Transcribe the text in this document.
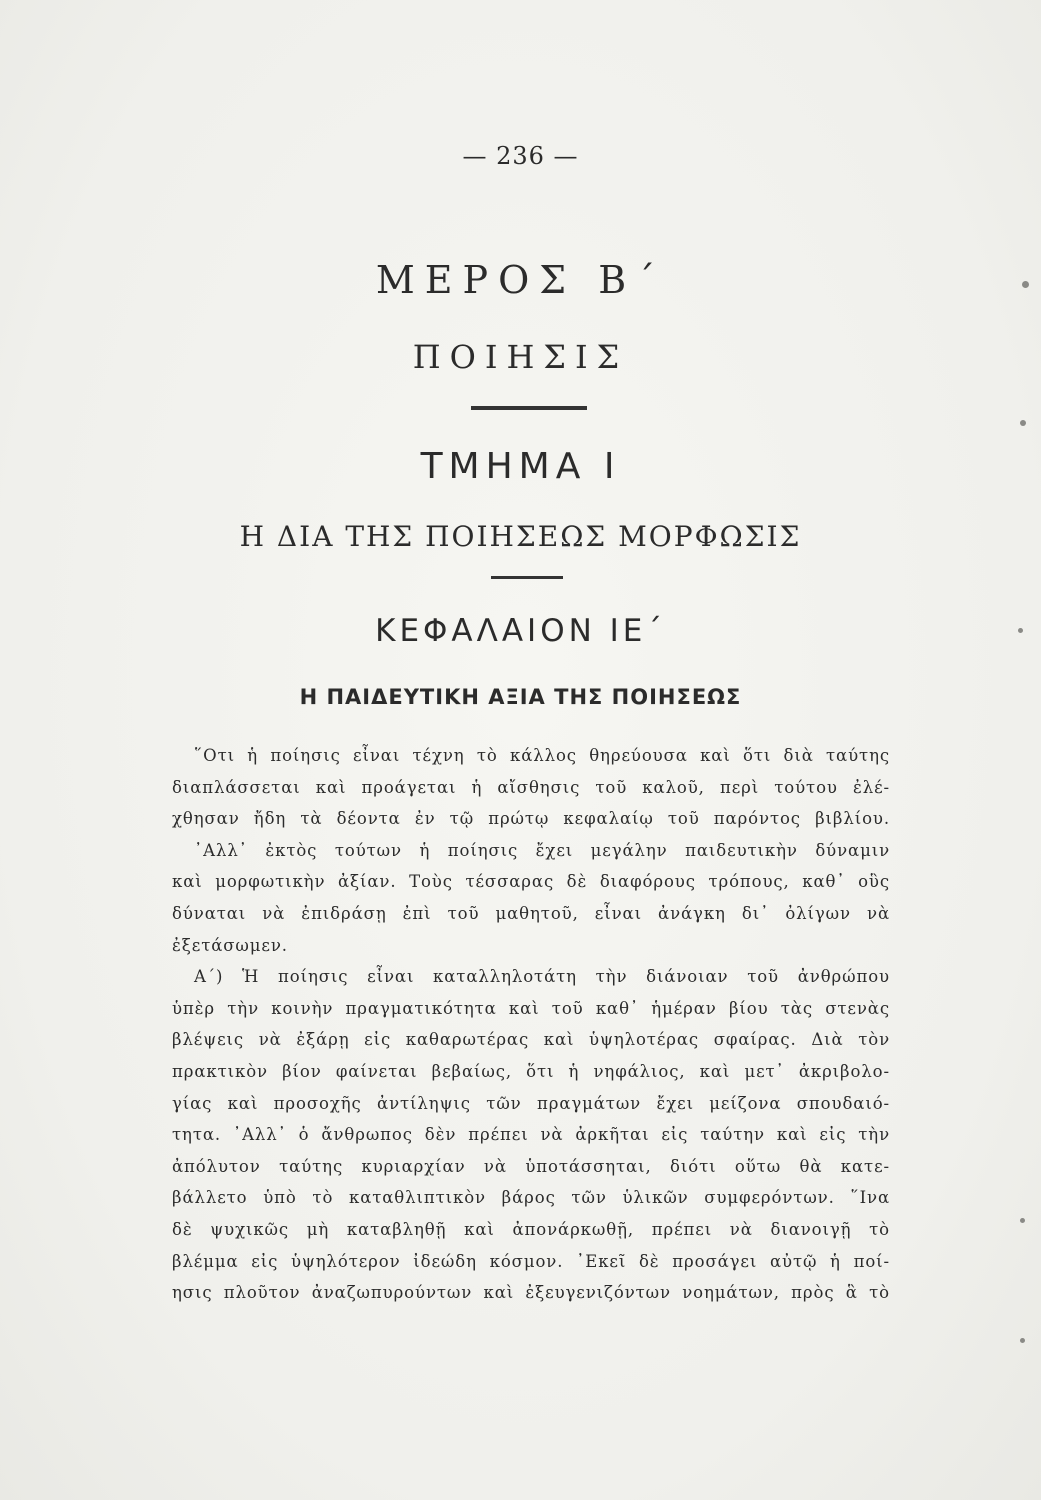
— 236 —
ΜΕΡΟΣ Β΄
ΠΟΙΗΣΙΣ
ΤΜΗΜΑ Ι
Η ΔΙΑ ΤΗΣ ΠΟΙΗΣΕΩΣ ΜΟΡΦΩΣΙΣ
ΚΕΦΑΛΑΙΟΝ ΙΕ΄
Η ΠΑΙΔΕΥΤΙΚΗ ΑΞΙΑ ΤΗΣ ΠΟΙΗΣΕΩΣ
῞Οτι ἡ ποίησις εἶναι τέχνη τὸ κάλλος θηρεύουσα καὶ ὅτι διὰ ταύτης
διαπλάσσεται καὶ προάγεται ἡ αἴσθησις τοῦ καλοῦ, περὶ τούτου ἐλέ-
χθησαν ἤδη τὰ δέοντα ἐν τῷ πρώτῳ κεφαλαίῳ τοῦ παρόντος βιβλίου.
᾿Αλλ᾿ ἐκτὸς τούτων ἡ ποίησις ἔχει μεγάλην παιδευτικὴν δύναμιν
καὶ μορφωτικὴν ἀξίαν. Τοὺς τέσσαρας δὲ διαφόρους τρόπους, καθ᾿ οὓς
δύναται νὰ ἐπιδράσῃ ἐπὶ τοῦ μαθητοῦ, εἶναι ἀνάγκη δι᾿ ὀλίγων νὰ
ἐξετάσωμεν.
Α΄) Ἡ ποίησις εἶναι καταλληλοτάτη τὴν διάνοιαν τοῦ ἀνθρώπου
ὑπὲρ τὴν κοινὴν πραγματικότητα καὶ τοῦ καθ᾿ ἡμέραν βίου τὰς στενὰς
βλέψεις νὰ ἐξάρῃ εἰς καθαρωτέρας καὶ ὑψηλοτέρας σφαίρας. Διὰ τὸν
πρακτικὸν βίον φαίνεται βεβαίως, ὅτι ἡ νηφάλιος, καὶ μετ᾿ ἀκριβολο-
γίας καὶ προσοχῆς ἀντίληψις τῶν πραγμάτων ἔχει μείζονα σπουδαιό-
τητα. ᾿Αλλ᾿ ὁ ἄνθρωπος δὲν πρέπει νὰ ἀρκῆται εἰς ταύτην καὶ εἰς τὴν
ἀπόλυτον ταύτης κυριαρχίαν νὰ ὑποτάσσηται, διότι οὕτω θὰ κατε-
βάλλετο ὑπὸ τὸ καταθλιπτικὸν βάρος τῶν ὑλικῶν συμφερόντων. ῞Ινα
δὲ ψυχικῶς μὴ καταβληθῇ καὶ ἀπονάρκωθῇ, πρέπει νὰ διανοιγῇ τὸ
βλέμμα εἰς ὑψηλότερον ἰδεώδη κόσμον. ᾿Εκεῖ δὲ προσάγει αὐτῷ ἡ ποί-
ησις πλοῦτον ἀναζωπυρούντων καὶ ἐξευγενιζόντων νοημάτων, πρὸς ἃ τὸ
